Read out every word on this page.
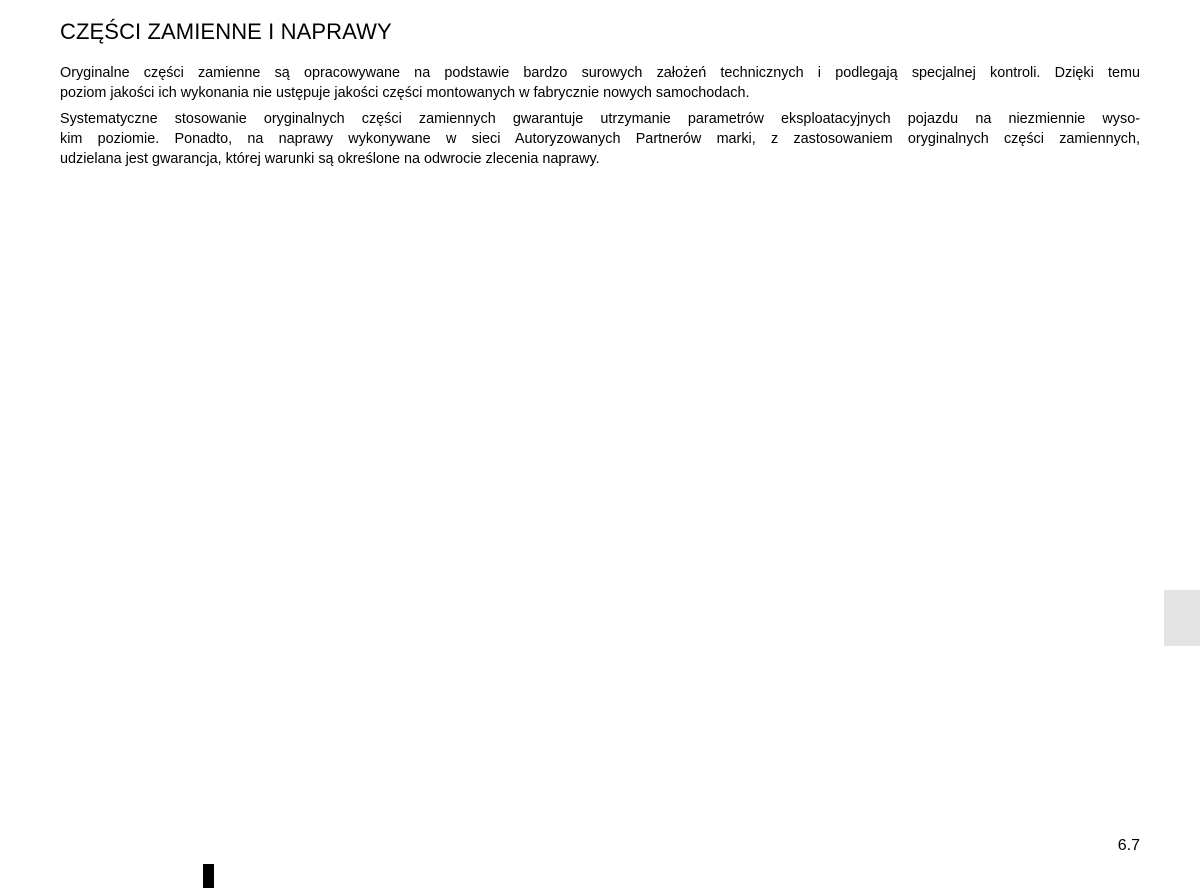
CZĘŚCI ZAMIENNE I NAPRAWY
Oryginalne części zamienne są opracowywane na podstawie bardzo surowych założeń technicznych i podlegają specjalnej kontroli. Dzięki temu
poziom jakości ich wykonania nie ustępuje jakości części montowanych w fabrycznie nowych samochodach.
Systematyczne stosowanie oryginalnych części zamiennych gwarantuje utrzymanie parametrów eksploatacyjnych pojazdu na niezmiennie wyso-
kim poziomie. Ponadto, na naprawy wykonywane w sieci Autoryzowanych Partnerów marki, z zastosowaniem oryginalnych części zamiennych,
udzielana jest gwarancja, której warunki są określone na odwrocie zlecenia naprawy.
6.7
